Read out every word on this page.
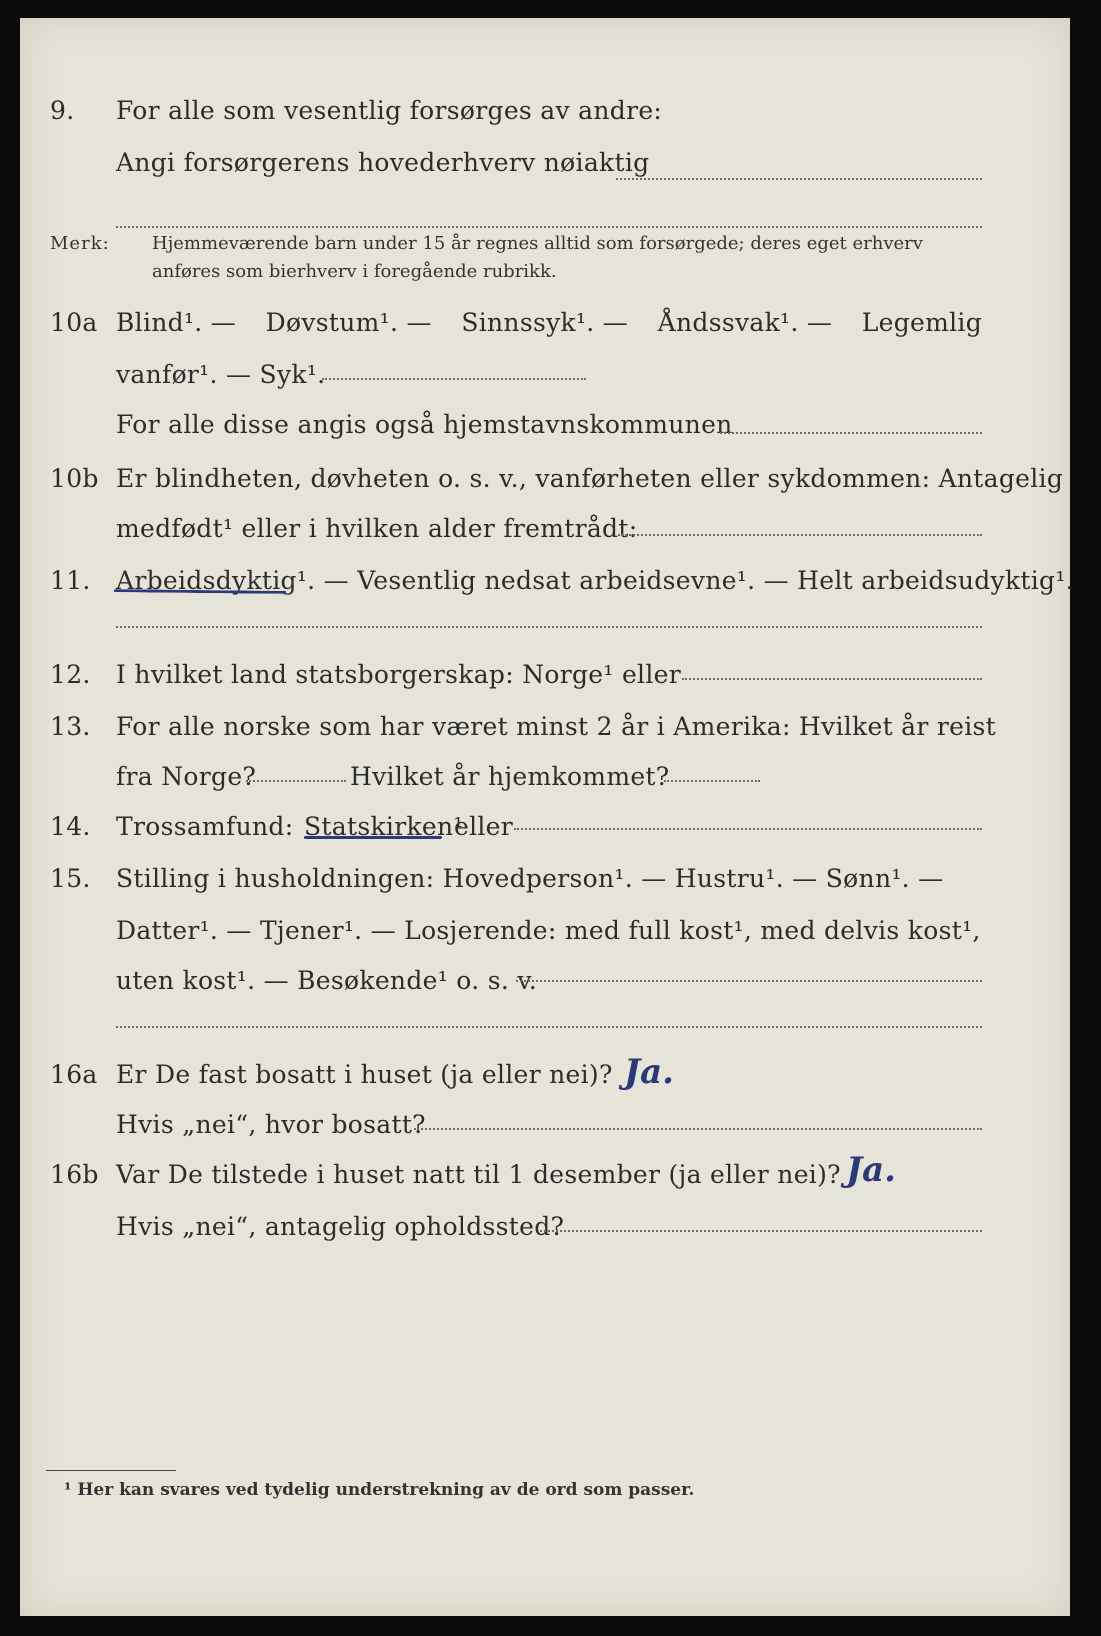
9. For alle som vesentlig forsørges av andre:
Angi forsørgerens hovederhverv nøiaktig
Merk: Hjemmeværende barn under 15 år regnes alltid som forsørgede; deres eget erhverv anføres som bierhverv i foregående rubrikk.
10a Blind¹. — Døvstum¹. — Sinnssyk¹. — Åndssvak¹. — Legemlig
vanfør¹. — Syk¹.
For alle disse angis også hjemstavnskommunen
10b Er blindheten, døvheten o. s. v., vanførheten eller sykdommen: Antagelig
medfødt¹ eller i hvilken alder fremtrådt:
11. Arbeidsdyktig¹. — Vesentlig nedsat arbeidsevne¹. — Helt arbeidsudyktig¹.
12. I hvilket land statsborgerskap: Norge¹ eller
13. For alle norske som har været minst 2 år i Amerika: Hvilket år reist
fra Norge?	Hvilket år hjemkommet?
14. Trossamfund: Statskirken¹
eller
15. Stilling i husholdningen: Hovedperson¹. — Hustru¹. — Sønn¹. —
Datter¹. — Tjener¹. — Losjerende: med full kost¹, med delvis kost¹,
uten kost¹. — Besøkende¹ o. s. v.
16a Er De fast bosatt i huset (ja eller nei)? Ja.
Hvis „nei“, hvor bosatt?
16b Var De tilstede i huset natt til 1 desember (ja eller nei)? Ja.
Hvis „nei“, antagelig opholdssted?
¹ Her kan svares ved tydelig understrekning av de ord som passer.
